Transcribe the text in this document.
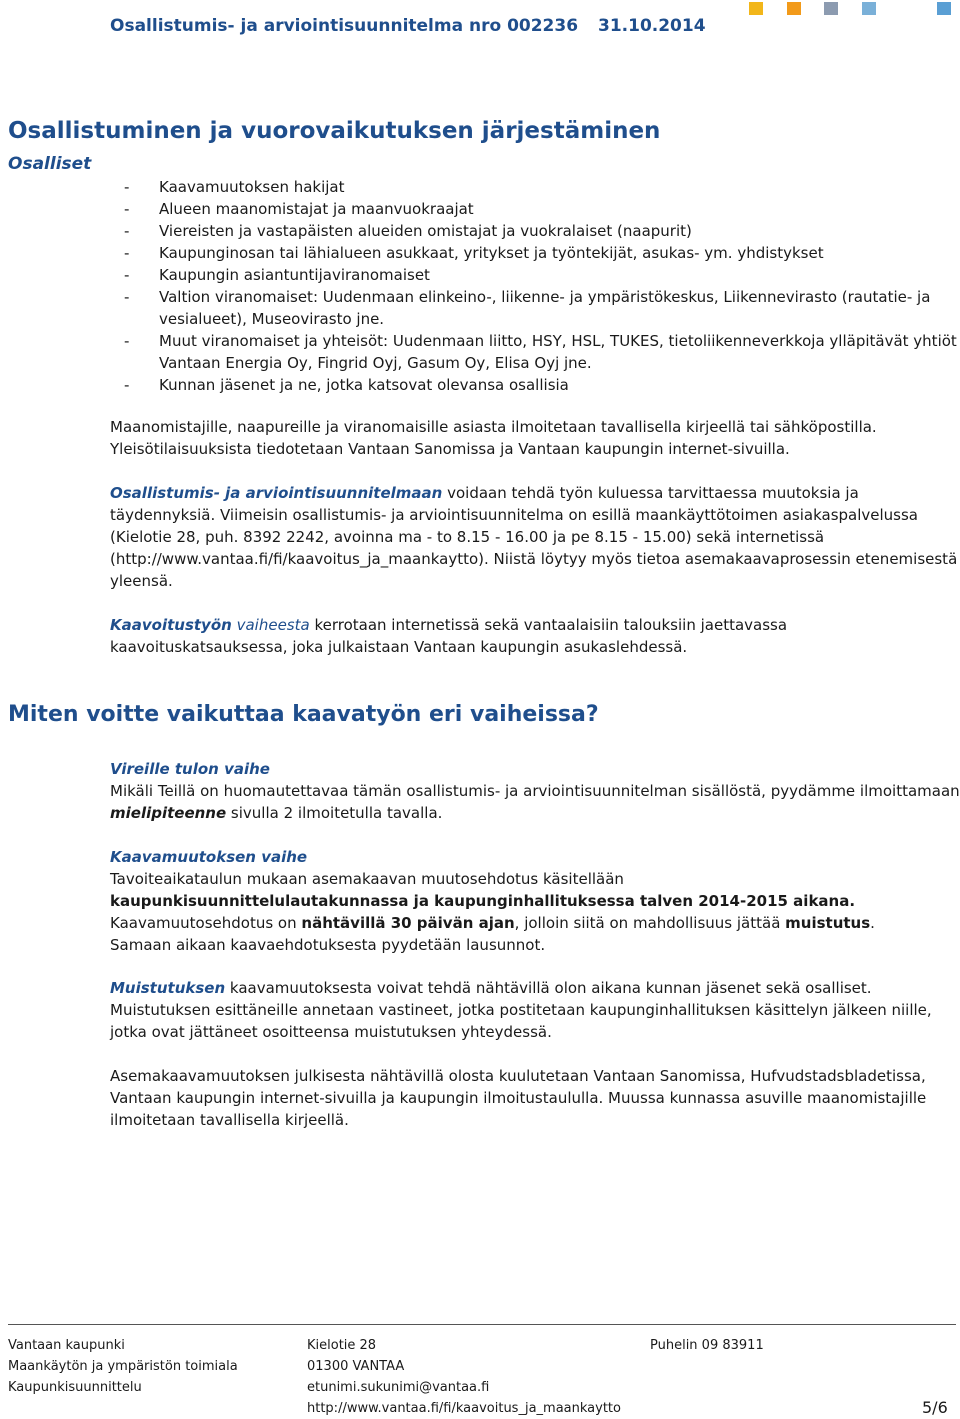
Osallistumis- ja arviointisuunnitelma nro 002236 31.10.2014
Osallistuminen ja vuorovaikutuksen järjestäminen
Osalliset
- Kaavamuutoksen hakijat
- Alueen maanomistajat ja maanvuokraajat
- Viereisten ja vastapäisten alueiden omistajat ja vuokralaiset (naapurit)
- Kaupunginosan tai lähialueen asukkaat, yritykset ja työntekijät, asukas- ym. yhdistykset
- Kaupungin asiantuntijaviranomaiset
- Valtion viranomaiset: Uudenmaan elinkeino-, liikenne- ja ympäristökeskus, Liikennevirasto (rautatie- ja vesialueet), Museovirasto jne.
- Muut viranomaiset ja yhteisöt: Uudenmaan liitto, HSY, HSL, TUKES, tietoliikenneverkkoja ylläpitävät yhtiöt Vantaan Energia Oy, Fingrid Oyj, Gasum Oy, Elisa Oyj jne.
- Kunnan jäsenet ja ne, jotka katsovat olevansa osallisia

Maanomistajille, naapureille ja viranomaisille asiasta ilmoitetaan tavallisella kirjeellä tai sähköpostilla.
Yleisötilaisuuksista tiedotetaan Vantaan Sanomissa ja Vantaan kaupungin internet-sivuilla.

Osallistumis- ja arviointisuunnitelmaan voidaan tehdä työn kuluessa tarvittaessa muutoksia ja täydennyksiä. Viimeisin osallistumis- ja arviointisuunnitelma on esillä maankäyttötoimen asiakaspalvelussa (Kielotie 28, puh. 8392 2242, avoinna ma - to 8.15 - 16.00 ja pe 8.15 - 15.00) sekä internetissä (http://www.vantaa.fi/fi/kaavoitus_ja_maankaytto). Niistä löytyy myös tietoa asemakaavaprosessin etenemisestä yleensä.

Kaavoitustyön vaiheesta kerrotaan internetissä sekä vantaalaisiin talouksiin jaettavassa kaavoituskatsauksessa, joka julkaistaan Vantaan kaupungin asukaslehdessä.

Miten voitte vaikuttaa kaavatyön eri vaiheissa?

Vireille tulon vaihe
Mikäli Teillä on huomautettavaa tämän osallistumis- ja arviointisuunnitelman sisällöstä, pyydämme ilmoittamaan mielipiteenne sivulla 2 ilmoitetulla tavalla.

Kaavamuutoksen vaihe
Tavoiteaikataulun mukaan asemakaavan muutosehdotus käsitellään
kaupunkisuunnittelulautakunnassa ja kaupunginhallituksessa talven 2014-2015 aikana.
Kaavamuutosehdotus on nähtävillä 30 päivän ajan, jolloin siitä on mahdollisuus jättää muistutus.
Samaan aikaan kaavaehdotuksesta pyydetään lausunnot.

Muistutuksen kaavamuutoksesta voivat tehdä nähtävillä olon aikana kunnan jäsenet sekä osalliset. Muistutuksen esittäneille annetaan vastineet, jotka postitetaan kaupunginhallituksen käsittelyn jälkeen niille, jotka ovat jättäneet osoitteensa muistutuksen yhteydessä.

Asemakaavamuutoksen julkisesta nähtävillä olosta kuulutetaan Vantaan Sanomissa, Hufvudstadsbladetissa, Vantaan kaupungin internet-sivuilla ja kaupungin ilmoitustaululla. Muussa kunnassa asuville maanomistajille ilmoitetaan tavallisella kirjeellä.

Vantaan kaupunki
Maankäytön ja ympäristön toimiala
Kaupunkisuunnittelu
Kielotie 28
01300 VANTAA
etunimi.sukunimi@vantaa.fi
http://www.vantaa.fi/fi/kaavoitus_ja_maankaytto
Puhelin 09 83911
5/6
